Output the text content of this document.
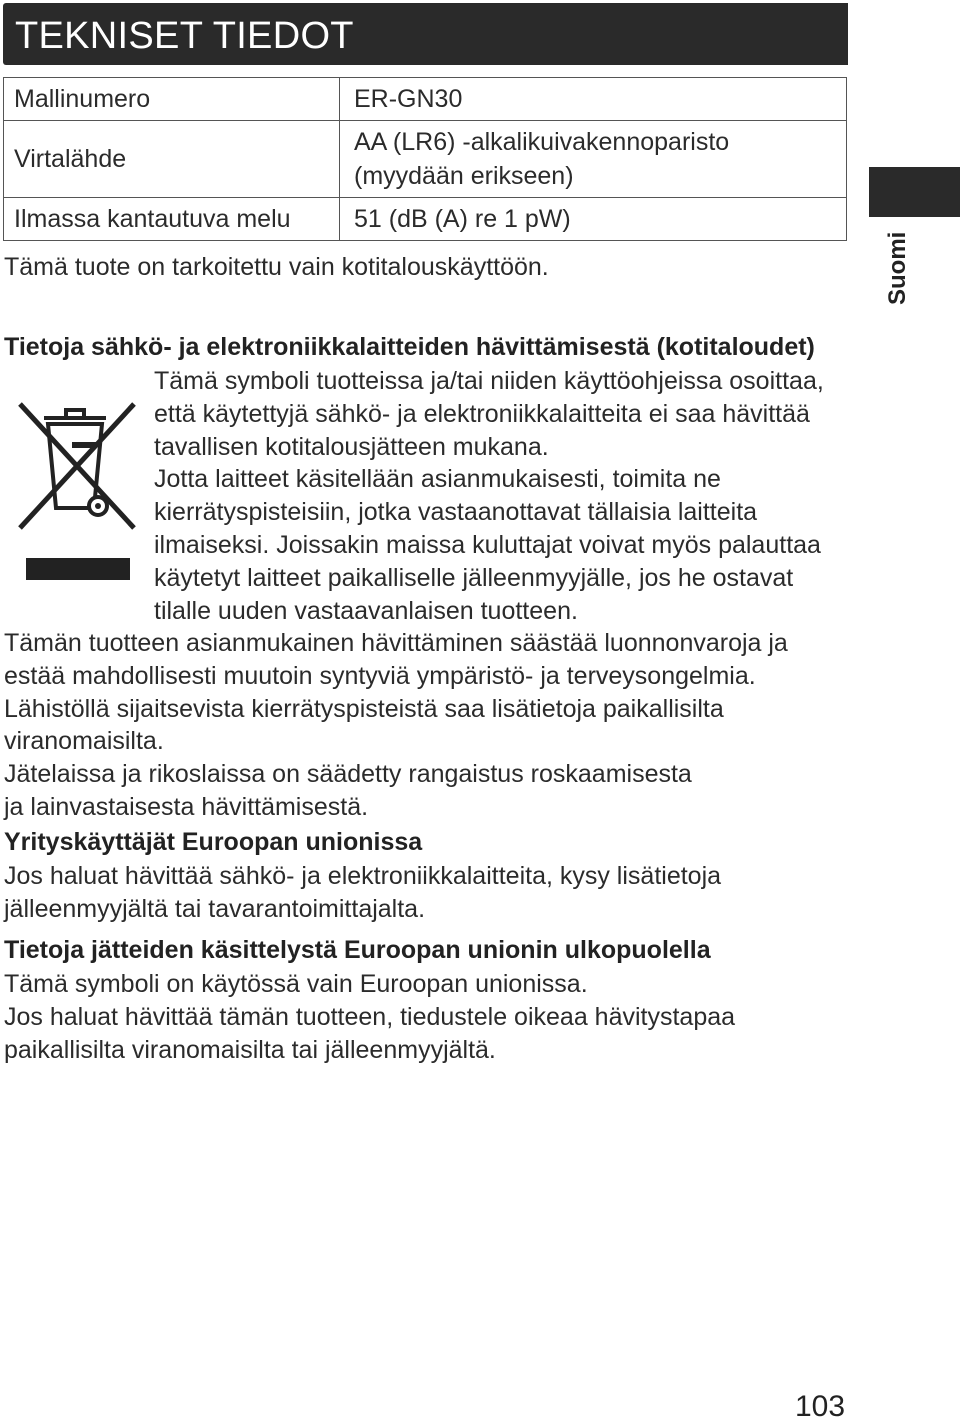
TEKNISET TIEDOT
Suomi
Mallinumero	ER-GN30

Virtalähde	AA (LR6) -alkalikuivakennoparisto
(myydään erikseen)

Ilmassa kantautuva melu	51 (dB (A) re 1 pW)
Tämä tuote on tarkoitettu vain kotitalouskäyttöön.
Tietoja sähkö- ja elektroniikkalaitteiden hävittämisestä (kotitaloudet)
Tämä symboli tuotteissa ja/tai niiden käyttöohjeissa osoittaa,
että käytettyjä sähkö- ja elektroniikkalaitteita ei saa hävittää
tavallisen kotitalousjätteen mukana.
Jotta laitteet käsitellään asianmukaisesti, toimita ne
kierrätyspisteisiin, jotka vastaanottavat tällaisia laitteita
ilmaiseksi. Joissakin maissa kuluttajat voivat myös palauttaa
käytetyt laitteet paikalliselle jälleenmyyjälle, jos he ostavat
tilalle uuden vastaavanlaisen tuotteen.
Tämän tuotteen asianmukainen hävittäminen säästää luonnonvaroja ja
estää mahdollisesti muutoin syntyviä ympäristö- ja terveysongelmia.
Lähistöllä sijaitsevista kierrätyspisteistä saa lisätietoja paikallisilta
viranomaisilta.
Jätelaissa ja rikoslaissa on säädetty rangaistus roskaamisesta
ja lainvastaisesta hävittämisestä.
Yrityskäyttäjät Euroopan unionissa
Jos haluat hävittää sähkö- ja elektroniikkalaitteita, kysy lisätietoja
jälleenmyyjältä tai tavarantoimittajalta.
Tietoja jätteiden käsittelystä Euroopan unionin ulkopuolella
Tämä symboli on käytössä vain Euroopan unionissa.
Jos haluat hävittää tämän tuotteen, tiedustele oikeaa hävitystapaa
paikallisilta viranomaisilta tai jälleenmyyjältä.
103
